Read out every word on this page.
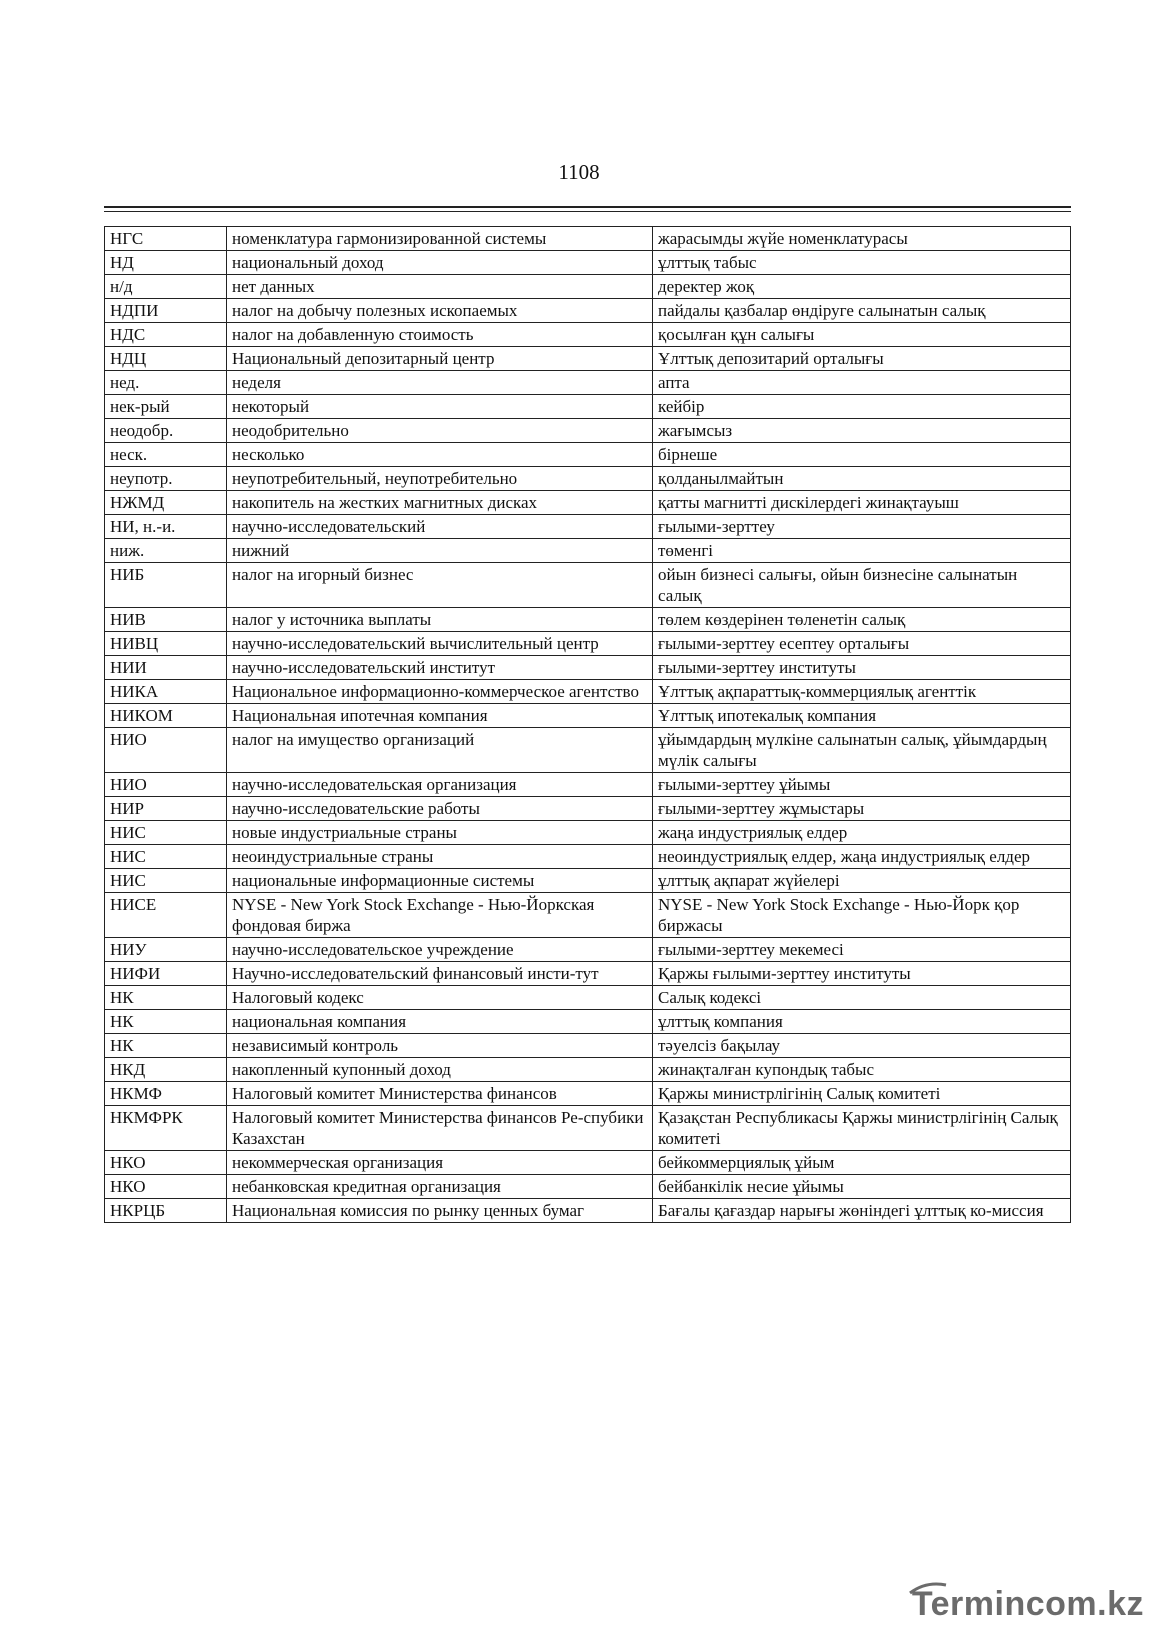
1108
НГС	номенклатура гармонизированной системы	жарасымды жүйе номенклатурасы
НД	национальный доход	ұлттық табыс
н/д	нет данных	деректер жоқ
НДПИ	налог на добычу полезных ископаемых	пайдалы қазбалар өндіруге салынатын салық
НДС	налог на добавленную стоимость	қосылған құн салығы
НДЦ	Национальный депозитарный центр	Ұлттық депозитарий орталығы
нед.	неделя	апта
нек-рый	некоторый	кейбір
неодобр.	неодобрительно	жағымсыз
неск.	несколько	бірнеше
неупотр.	неупотребительный, неупотребительно	қолданылмайтын
НЖМД	накопитель на жестких магнитных дисках	қатты магнитті дискілердегі жинақтауыш
НИ, н.-и.	научно-исследовательский	ғылыми-зерттеу
ниж.	нижний	төменгі
НИБ	налог на игорный бизнес	ойын бизнесі салығы, ойын бизнесіне салынатын салық
НИВ	налог у источника выплаты	төлем көздерінен төленетін салық
НИВЦ	научно-исследовательский вычислительный центр	ғылыми-зерттеу есептеу орталығы
НИИ	научно-исследовательский институт	ғылыми-зерттеу институты
НИКА	Национальное информационно-коммерческое агентство	Ұлттық ақпараттық-коммерциялық агенттік
НИКОМ	Национальная ипотечная компания	Ұлттық ипотекалық компания
НИО	налог на имущество организаций	ұйымдардың мүлкіне салынатын салық, ұйымдардың мүлік салығы
НИО	научно-исследовательская организация	ғылыми-зерттеу ұйымы
НИР	научно-исследовательские работы	ғылыми-зерттеу жұмыстары
НИС	новые индустриальные страны	жаңа индустриялық елдер
НИС	неоиндустриальные страны	неоиндустриялық елдер, жаңа индустриялық елдер
НИС	национальные информационные системы	ұлттық ақпарат жүйелері
НИСЕ	NYSE - New York Stock Exchange - Нью-Йоркская фондовая биржа	NYSE - New York Stock Exchange - Нью-Йорк қор биржасы
НИУ	научно-исследовательское учреждение	ғылыми-зерттеу мекемесі
НИФИ	Научно-исследовательский финансовый инсти-тут	Қаржы ғылыми-зерттеу институты
НК	Налоговый кодекс	Салық кодексі
НК	национальная компания	ұлттық компания
НК	независимый контроль	тәуелсіз бақылау
НКД	накопленный купонный доход	жинақталған купондық табыс
НКМФ	Налоговый комитет Министерства финансов	Қаржы министрлігінің Салық комитеті
НКМФРК	Налоговый комитет Министерства финансов Ре-спубики Казахстан	Қазақстан Республикасы Қаржы министрлігінің Салық комитеті
НКО	некоммерческая организация	бейкоммерциялық ұйым
НКО	небанковская кредитная организация	бейбанкілік несие ұйымы
НКРЦБ	Национальная комиссия по рынку ценных бумаг	Бағалы қағаздар нарығы жөніндегі ұлттық ко-миссия
Termincom.kz
